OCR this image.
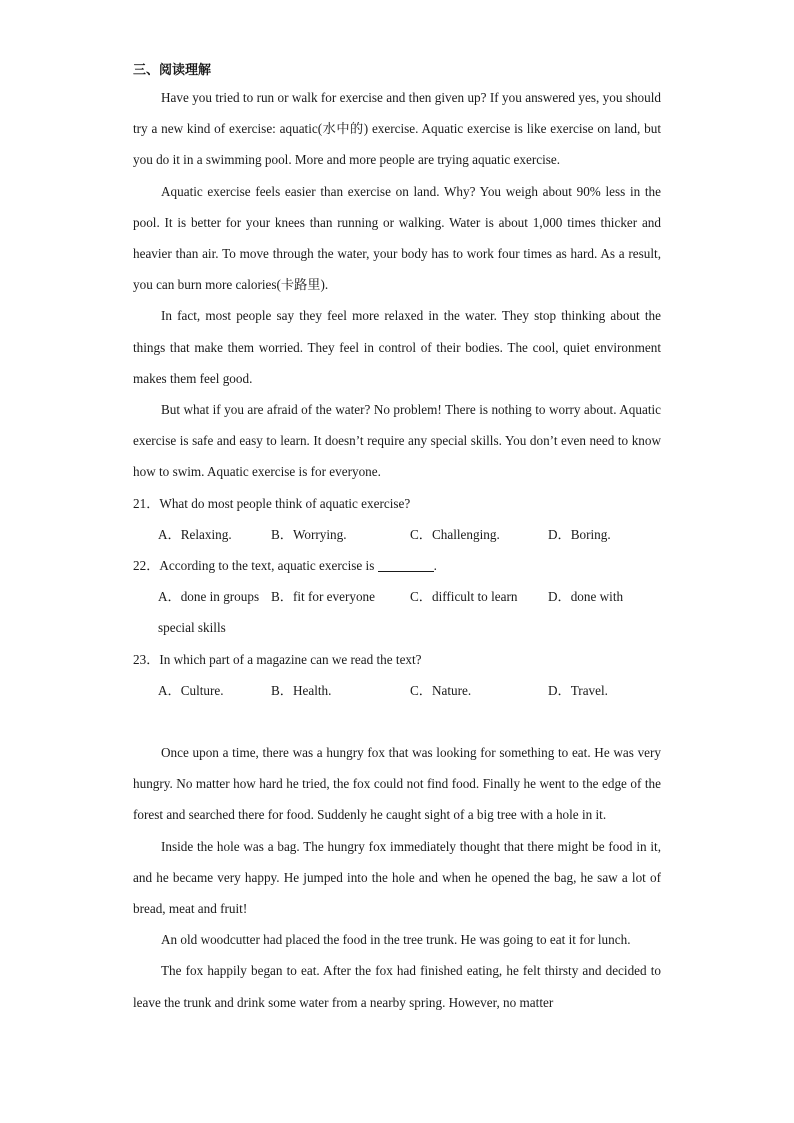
三、阅读理解

Have you tried to run or walk for exercise and then given up? If you answered yes, you should try a new kind of exercise: aquatic(水中的) exercise. Aquatic exercise is like exercise on land, but you do it in a swimming pool. More and more people are trying aquatic exercise.

Aquatic exercise feels easier than exercise on land. Why? You weigh about 90% less in the pool. It is better for your knees than running or walking. Water is about 1,000 times thicker and heavier than air. To move through the water, your body has to work four times as hard. As a result, you can burn more calories(卡路里).

In fact, most people say they feel more relaxed in the water. They stop thinking about the things that make them worried. They feel in control of their bodies. The cool, quiet environment makes them feel good.

But what if you are afraid of the water? No problem! There is nothing to worry about. Aquatic exercise is safe and easy to learn. It doesn’t require any special skills. You don’t even need to know how to swim. Aquatic exercise is for everyone.

21．What do most people think of aquatic exercise?
A．Relaxing.	B．Worrying.	C．Challenging.	D．Boring.
22．According to the text, aquatic exercise is	.
A．done in groups B．fit for everyone	C．difficult to learn	D．done with
special skills
23．In which part of a magazine can we read the text?
A．Culture.	B．Health.	C．Nature.	D．Travel.

Once upon a time, there was a hungry fox that was looking for something to eat. He was very hungry. No matter how hard he tried, the fox could not find food. Finally he went to the edge of the forest and searched there for food. Suddenly he caught sight of a big tree with a hole in it.

Inside the hole was a bag. The hungry fox immediately thought that there might be food in it, and he became very happy. He jumped into the hole and when he opened the bag, he saw a lot of bread, meat and fruit!

An old woodcutter had placed the food in the tree trunk. He was going to eat it for lunch.

The fox happily began to eat. After the fox had finished eating, he felt thirsty and decided to leave the trunk and drink some water from a nearby spring. However, no matter
